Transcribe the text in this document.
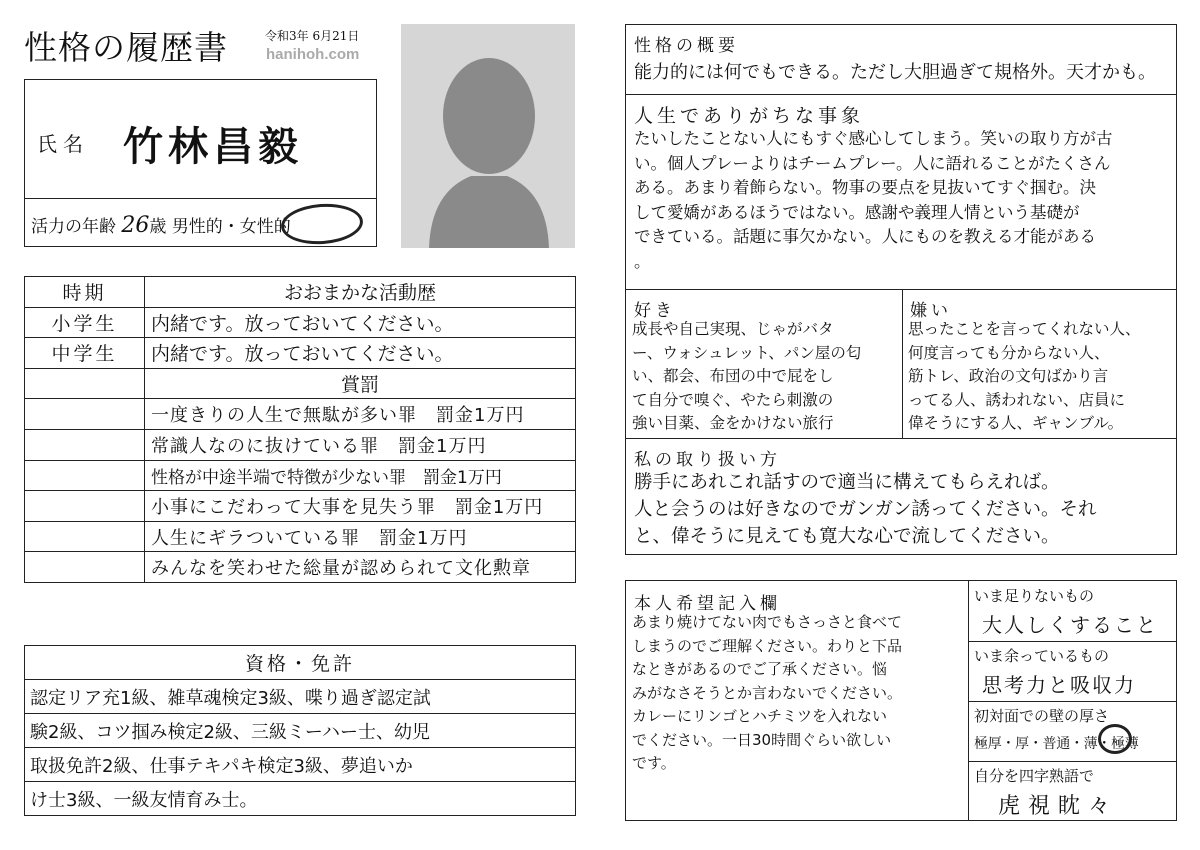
性格の履歴書	令和3年 6月21日
hanihoh.com
氏名 竹林昌毅
活力の年齢 26歳 男性的・女性的
時期	おおまかな活動歴
小学生	内緒です。放っておいてください。
中学生	内緒です。放っておいてください。
	賞罰
	一度きりの人生で無駄が多い罪　罰金1万円
	常識人なのに抜けている罪　罰金1万円
	性格が中途半端で特徴が少ない罪　罰金1万円
	小事にこだわって大事を見失う罪　罰金1万円
	人生にギラついている罪　罰金1万円
	みんなを笑わせた総量が認められて文化勲章
資格・免許
認定リア充1級、雑草魂検定3級、喋り過ぎ認定試
験2級、コツ掴み検定2級、三級ミーハー士、幼児
取扱免許2級、仕事テキパキ検定3級、夢追いか
け士3級、一級友情育み士。
性格の概要
能力的には何でもできる。ただし大胆過ぎて規格外。天才かも。
人生でありがちな事象
たいしたことない人にもすぐ感心してしまう。笑いの取り方が古
い。個人プレーよりはチームプレー。人に語れることがたくさん
ある。あまり着飾らない。物事の要点を見抜いてすぐ掴む。決
して愛嬌があるほうではない。感謝や義理人情という基礎が
できている。話題に事欠かない。人にものを教える才能がある
。
好き
成長や自己実現、じゃがバタ
ー、ウォシュレット、パン屋の匂
い、都会、布団の中で屁をし
て自分で嗅ぐ、やたら刺激の
強い目薬、金をかけない旅行
嫌い
思ったことを言ってくれない人、
何度言っても分からない人、
筋トレ、政治の文句ばかり言
ってる人、誘われない、店員に
偉そうにする人、ギャンブル。
私の取り扱い方
勝手にあれこれ話すので適当に構えてもらえれば。
人と会うのは好きなのでガンガン誘ってください。それ
と、偉そうに見えても寛大な心で流してください。
本人希望記入欄
あまり焼けてない肉でもさっさと食べて
しまうのでご理解ください。わりと下品
なときがあるのでご了承ください。悩
みがなさそうとか言わないでください。
カレーにリンゴとハチミツを入れない
でください。一日30時間ぐらい欲しい
です。
いま足りないもの
大人しくすること
いま余っているもの
思考力と吸収力
初対面での壁の厚さ
極厚・厚・普通・薄・極薄
自分を四字熟語で
虎視眈々
